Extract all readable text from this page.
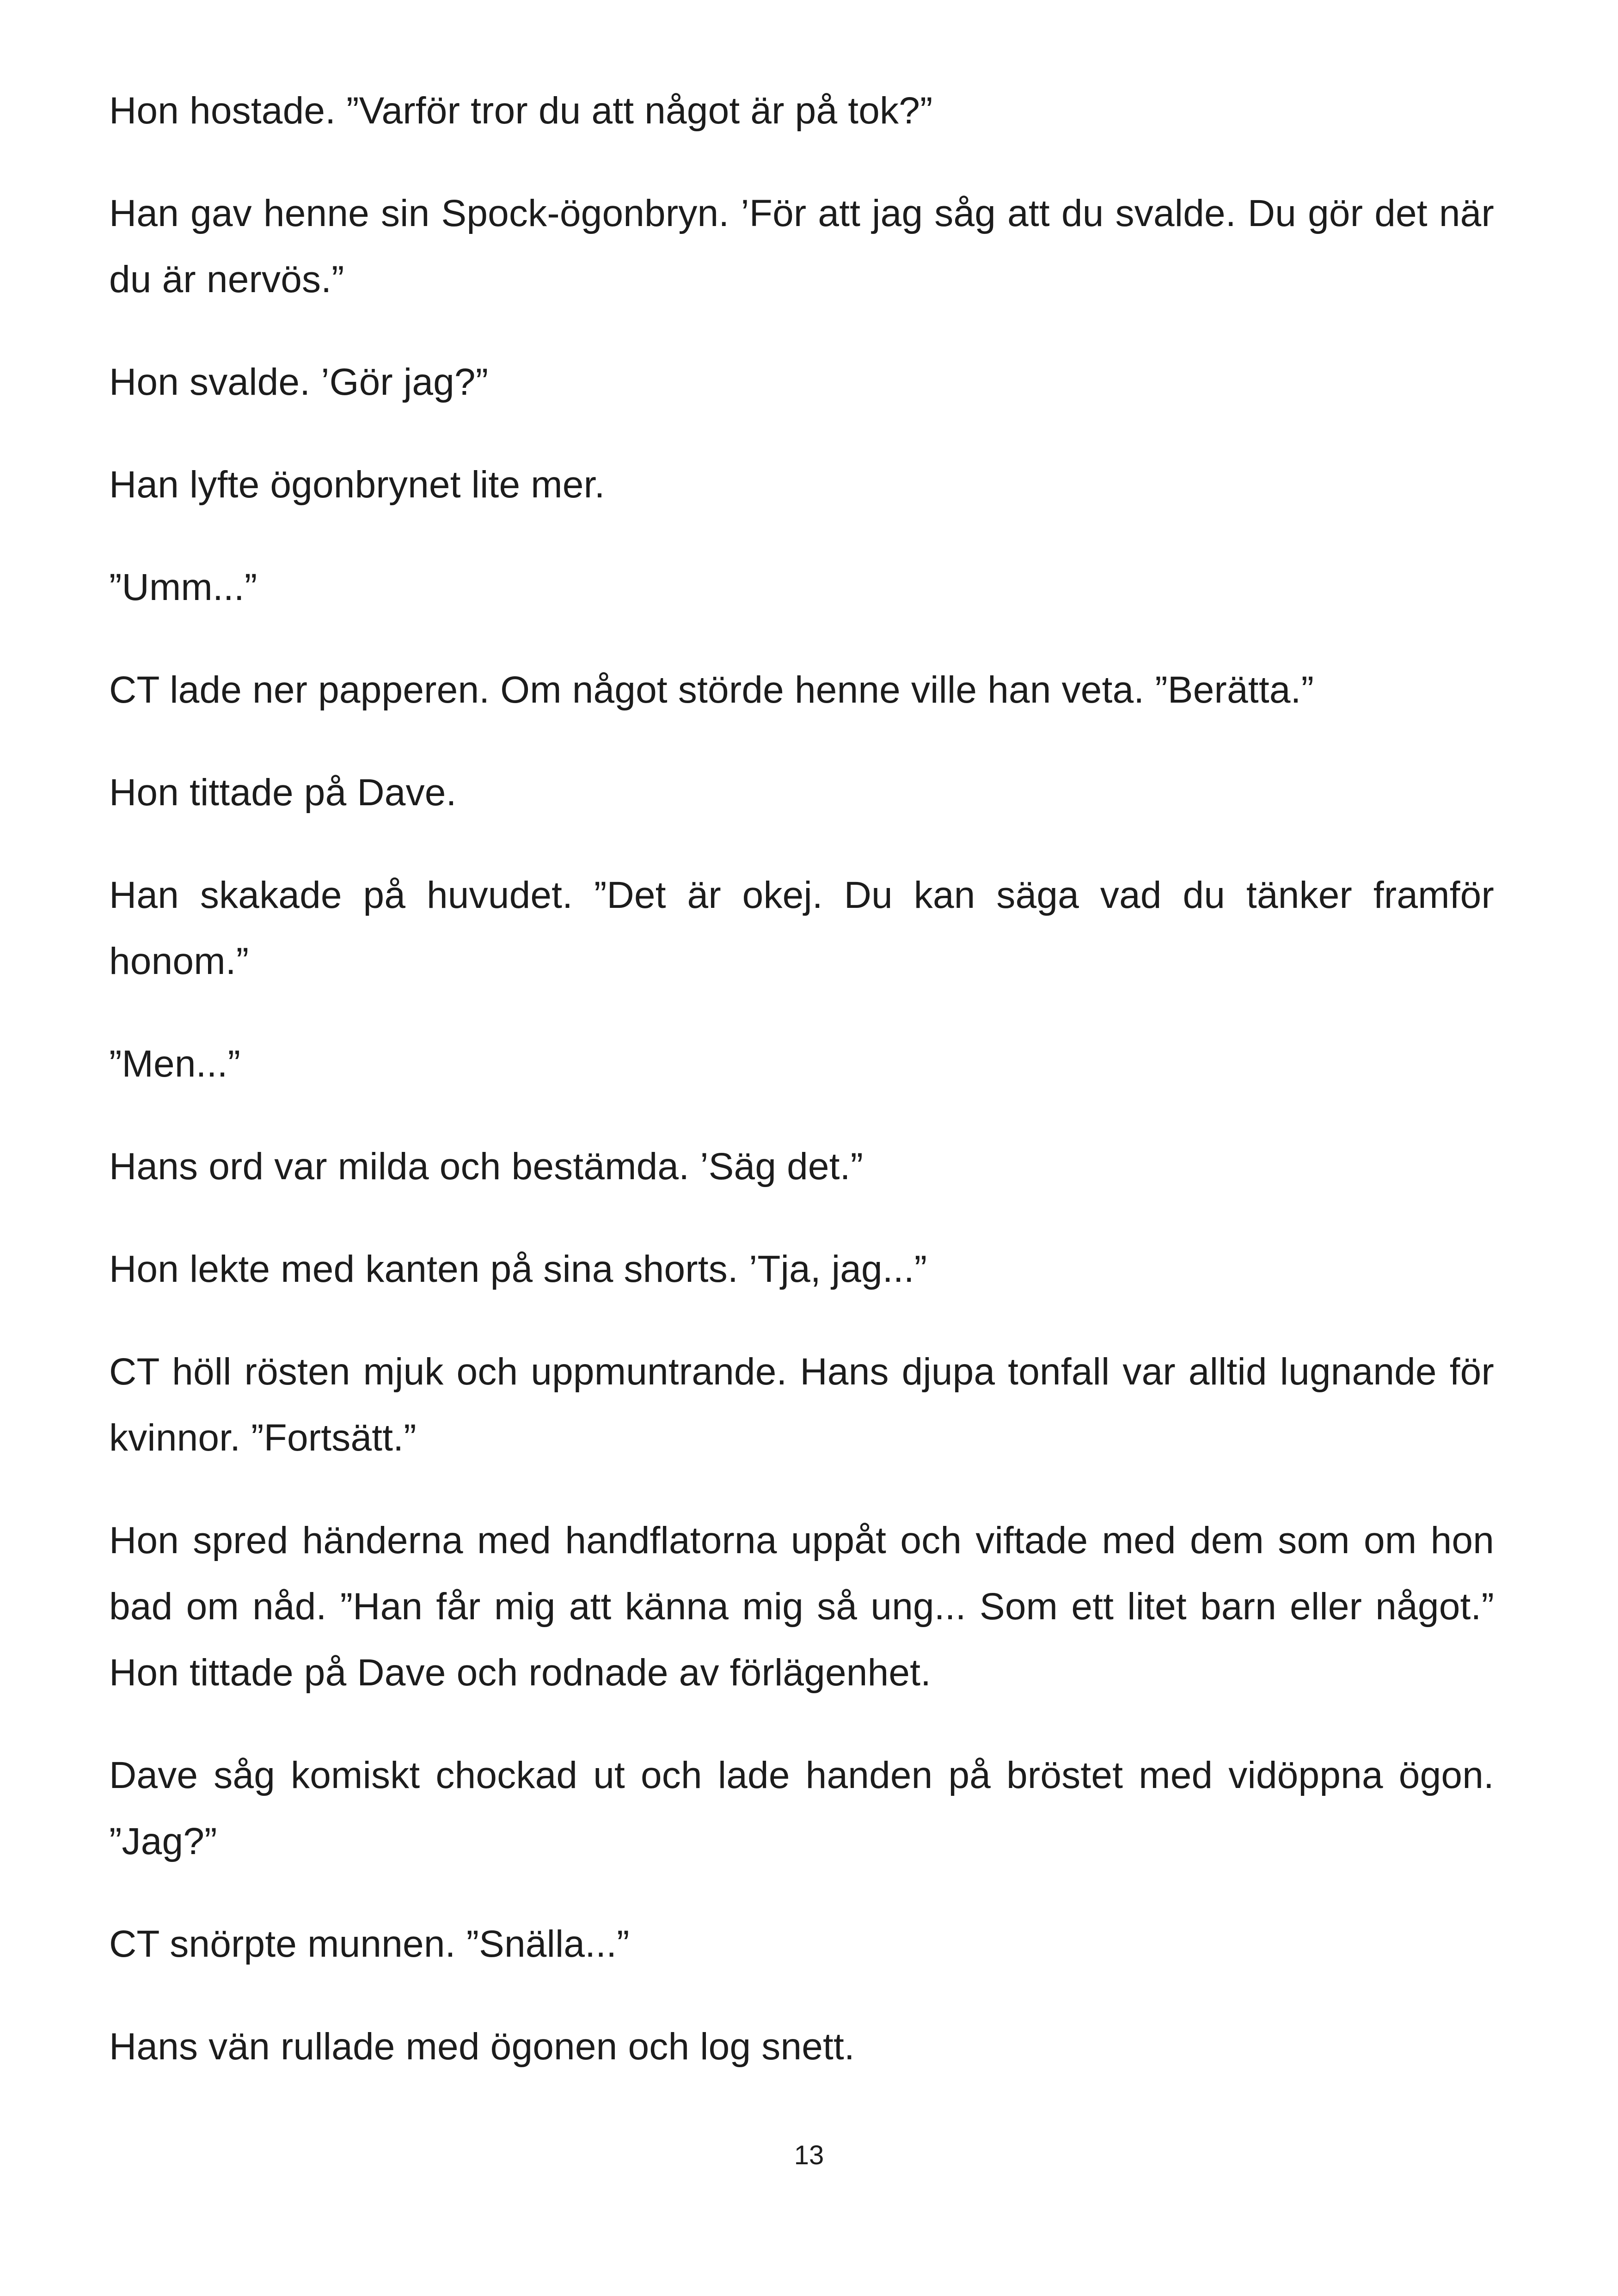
Hon hostade. ”Varför tror du att något är på tok?”

Han gav henne sin Spock-ögonbryn. ’För att jag såg att du svalde. Du gör det när du är nervös.”

Hon svalde. ’Gör jag?”

Han lyfte ögonbrynet lite mer.

”Umm...”

CT lade ner papperen. Om något störde henne ville han veta. ”Berätta.”

Hon tittade på Dave.

Han skakade på huvudet. ”Det är okej. Du kan säga vad du tänker framför honom.”

”Men...”

Hans ord var milda och bestämda. ’Säg det.”

Hon lekte med kanten på sina shorts. ’Tja, jag...”

CT höll rösten mjuk och uppmuntrande. Hans djupa tonfall var alltid lugnande för kvinnor. ”Fortsätt.”

Hon spred händerna med handflatorna uppåt och viftade med dem som om hon bad om nåd. ”Han får mig att känna mig så ung... Som ett litet barn eller något.” Hon tittade på Dave och rodnade av förlägenhet.

Dave såg komiskt chockad ut och lade handen på bröstet med vidöppna ögon. ”Jag?”

CT snörpte munnen. ”Snälla...”

Hans vän rullade med ögonen och log snett.

13
